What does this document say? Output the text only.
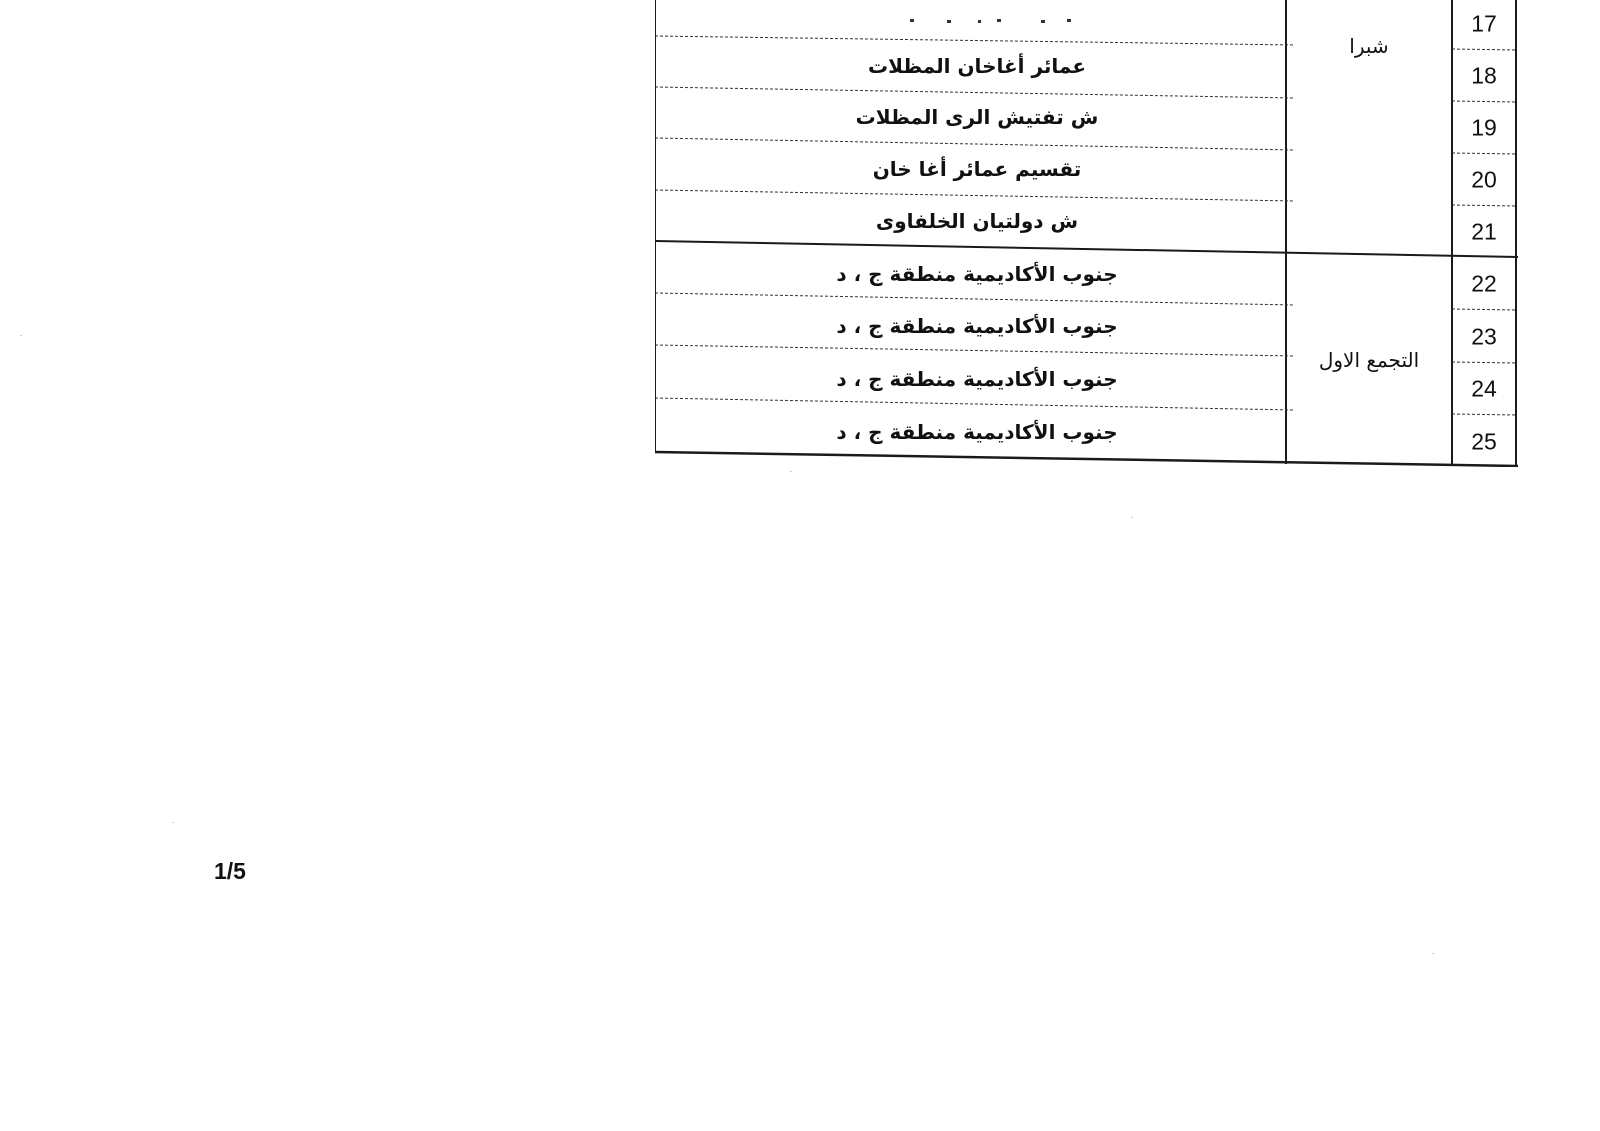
17
18
19
20
21
22
23
24
25
شبرا
التجمع الاول
عمائر أغاخان المظلات
ش تفتيش الرى المظلات
تقسيم عمائر أغا خان
ش دولتيان الخلفاوى
جنوب الأكاديمية منطقة ج ، د
جنوب الأكاديمية منطقة ج ، د
جنوب الأكاديمية منطقة ج ، د
جنوب الأكاديمية منطقة ج ، د
1/5
